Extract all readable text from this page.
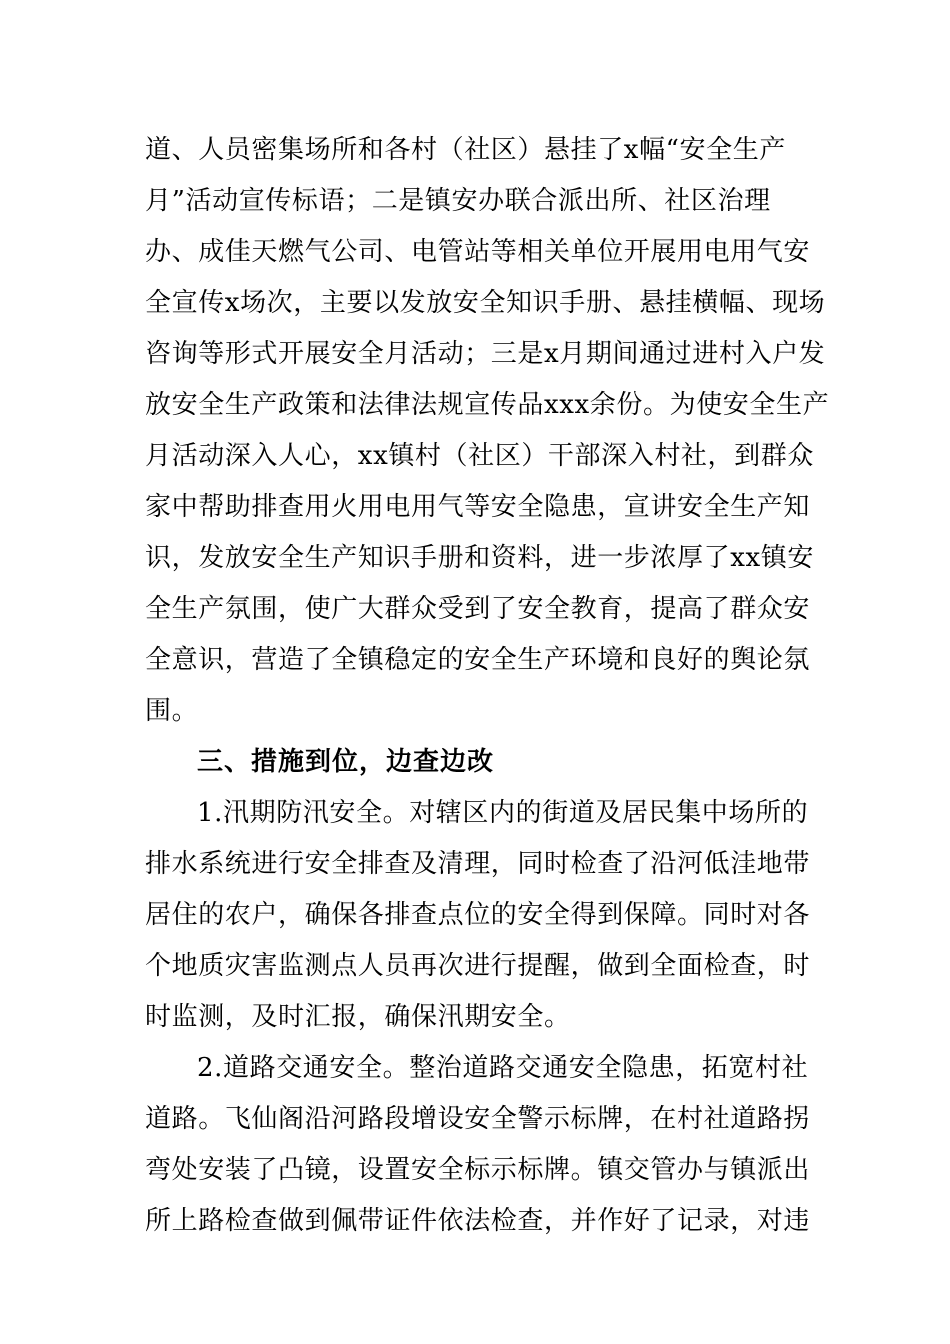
道、人员密集场所和各村（社区）悬挂了x幅“安全生产
月”活动宣传标语；二是镇安办联合派出所、社区治理
办、成佳天燃气公司、电管站等相关单位开展用电用气安
全宣传x场次，主要以发放安全知识手册、悬挂横幅、现场
咨询等形式开展安全月活动；三是x月期间通过进村入户发
放安全生产政策和法律法规宣传品xxx余份。为使安全生产
月活动深入人心，xx镇村（社区）干部深入村社，到群众
家中帮助排查用火用电用气等安全隐患，宣讲安全生产知
识，发放安全生产知识手册和资料，进一步浓厚了xx镇安
全生产氛围，使广大群众受到了安全教育，提高了群众安
全意识，营造了全镇稳定的安全生产环境和良好的舆论氛
围。
三、措施到位，边查边改
1.汛期防汛安全。对辖区内的街道及居民集中场所的
排水系统进行安全排查及清理，同时检查了沿河低洼地带
居住的农户，确保各排查点位的安全得到保障。同时对各
个地质灾害监测点人员再次进行提醒，做到全面检查，时
时监测，及时汇报，确保汛期安全。
2.道路交通安全。整治道路交通安全隐患，拓宽村社
道路。飞仙阁沿河路段增设安全警示标牌，在村社道路拐
弯处安装了凸镜，设置安全标示标牌。镇交管办与镇派出
所上路检查做到佩带证件依法检查，并作好了记录，对违
